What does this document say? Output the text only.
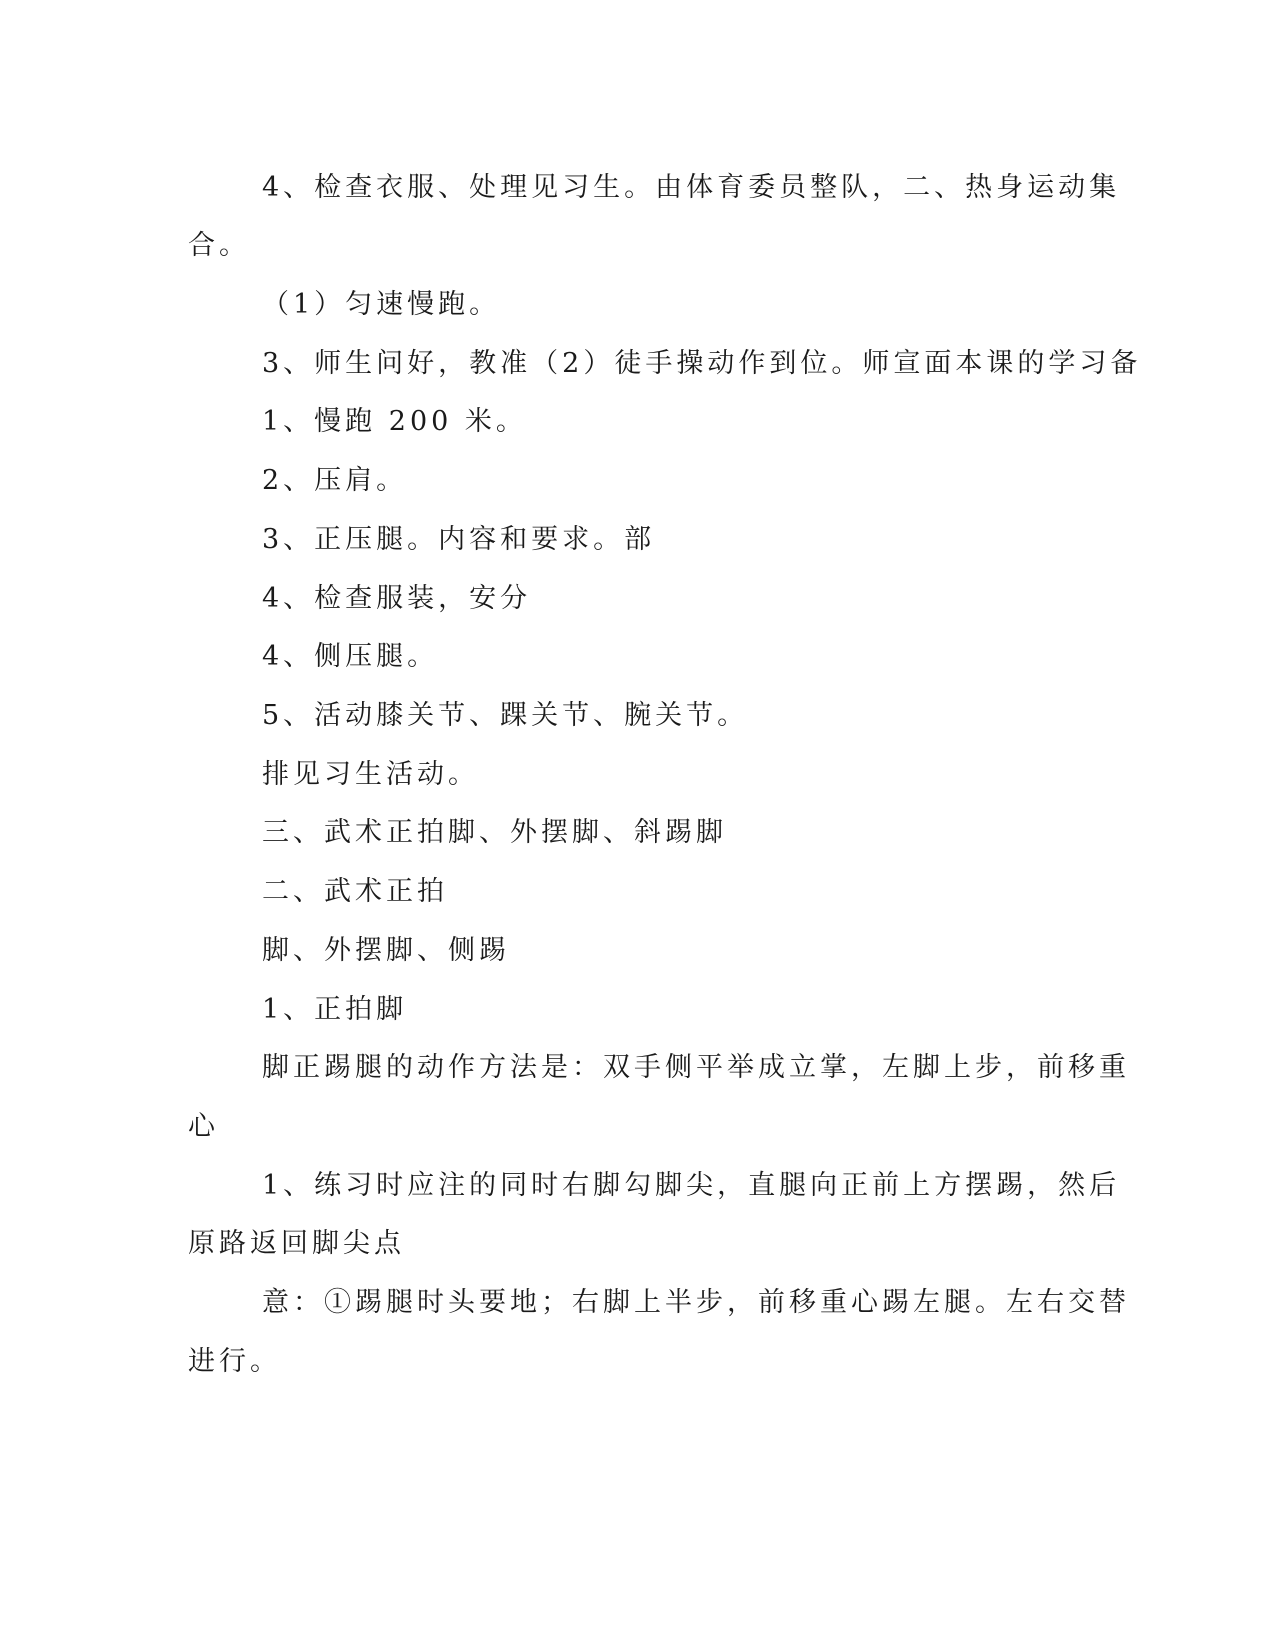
4、检查衣服、处理见习生。由体育委员整队，二、热身运动集
合。
（1）匀速慢跑。
3、师生问好，教准（2）徒手操动作到位。师宣面本课的学习备
1、慢跑 200 米。
2、压肩。
3、正压腿。内容和要求。部
4、检查服装，安分
4、侧压腿。
5、活动膝关节、踝关节、腕关节。
排见习生活动。
三、武术正拍脚、外摆脚、斜踢脚
二、武术正拍
脚、外摆脚、侧踢
1、正拍脚
脚正踢腿的动作方法是：双手侧平举成立掌，左脚上步，前移重
心
1、练习时应注的同时右脚勾脚尖，直腿向正前上方摆踢，然后
原路返回脚尖点
意：①踢腿时头要地；右脚上半步，前移重心踢左腿。左右交替
进行。
